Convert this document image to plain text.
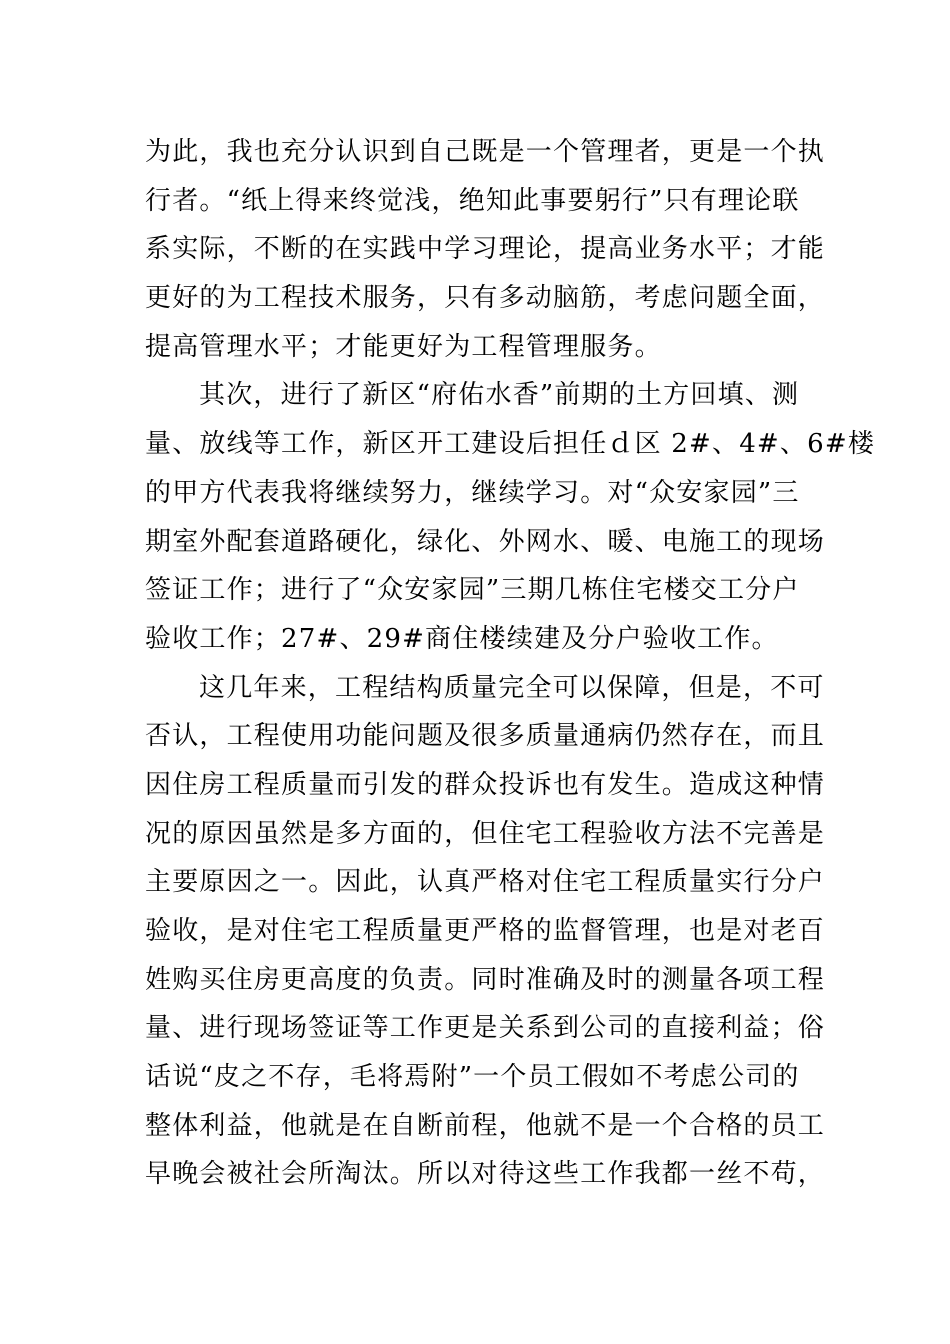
为此，我也充分认识到自己既是一个管理者，更是一个执
行者。“纸上得来终觉浅，绝知此事要躬行”只有理论联
系实际，不断的在实践中学习理论，提高业务水平；才能
更好的为工程技术服务，只有多动脑筋，考虑问题全面，
提高管理水平；才能更好为工程管理服务。
其次，进行了新区“府佑水香”前期的土方回填、测
量、放线等工作，新区开工建设后担任ｄ区 2#、4#、6#楼
的甲方代表我将继续努力，继续学习。对“众安家园”三
期室外配套道路硬化，绿化、外网水、暖、电施工的现场
签证工作；进行了“众安家园”三期几栋住宅楼交工分户
验收工作；27#、29#商住楼续建及分户验收工作。
这几年来，工程结构质量完全可以保障，但是，不可
否认，工程使用功能问题及很多质量通病仍然存在，而且
因住房工程质量而引发的群众投诉也有发生。造成这种情
况的原因虽然是多方面的，但住宅工程验收方法不完善是
主要原因之一。因此，认真严格对住宅工程质量实行分户
验收，是对住宅工程质量更严格的监督管理，也是对老百
姓购买住房更高度的负责。同时准确及时的测量各项工程
量、进行现场签证等工作更是关系到公司的直接利益；俗
话说“皮之不存，毛将焉附”一个员工假如不考虑公司的
整体利益，他就是在自断前程，他就不是一个合格的员工
早晚会被社会所淘汰。所以对待这些工作我都一丝不苟，
